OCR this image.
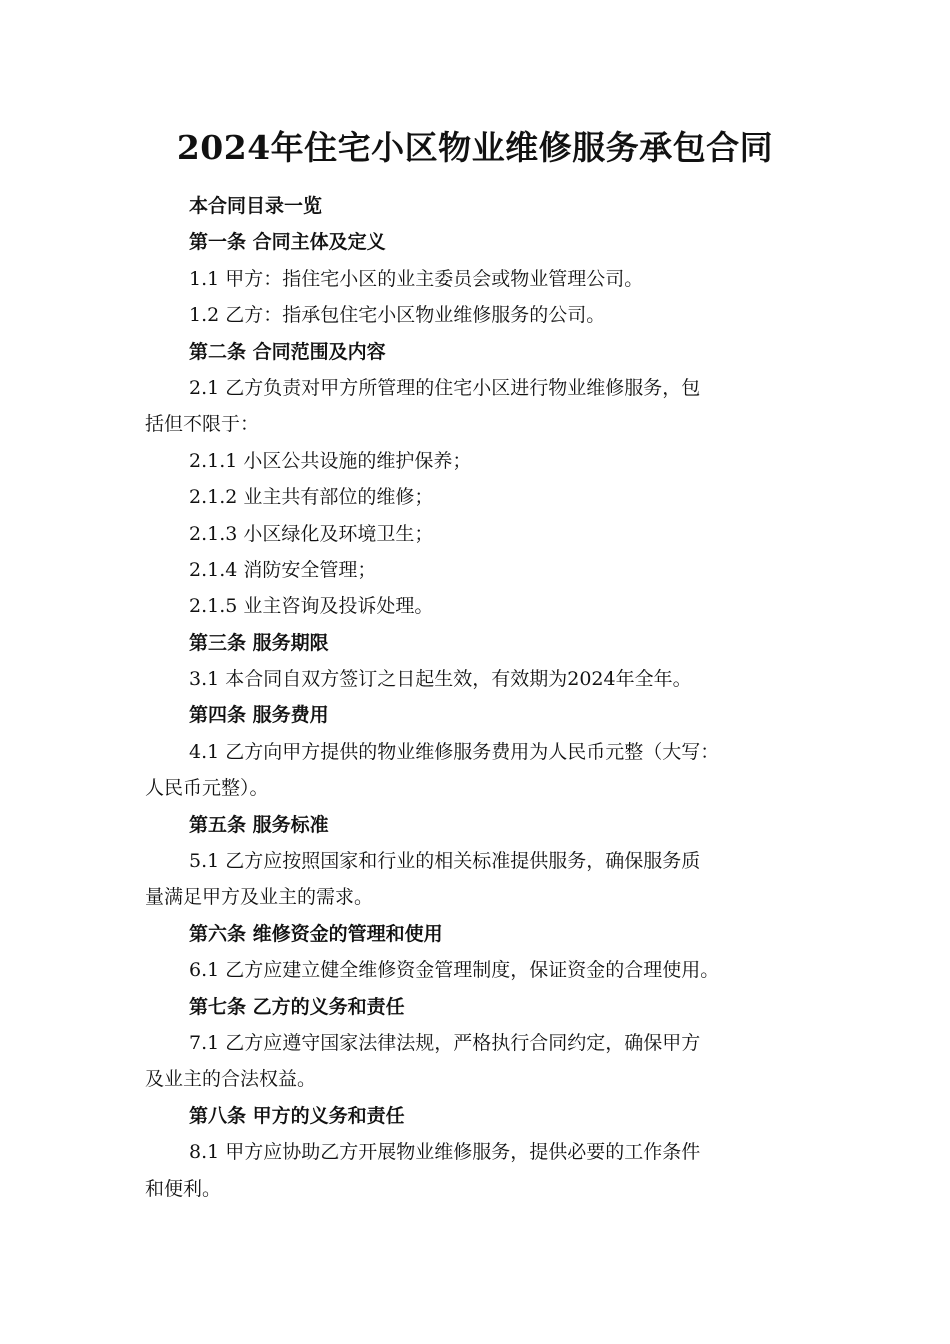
2024年住宅小区物业维修服务承包合同
本合同目录一览
第一条 合同主体及定义
1.1 甲方：指住宅小区的业主委员会或物业管理公司。
1.2 乙方：指承包住宅小区物业维修服务的公司。
第二条 合同范围及内容
2.1 乙方负责对甲方所管理的住宅小区进行物业维修服务，包
括但不限于：
2.1.1 小区公共设施的维护保养；
2.1.2 业主共有部位的维修；
2.1.3 小区绿化及环境卫生；
2.1.4 消防安全管理；
2.1.5 业主咨询及投诉处理。
第三条 服务期限
3.1 本合同自双方签订之日起生效，有效期为2024年全年。
第四条 服务费用
4.1 乙方向甲方提供的物业维修服务费用为人民币元整（大写：
人民币元整）。
第五条 服务标准
5.1 乙方应按照国家和行业的相关标准提供服务，确保服务质
量满足甲方及业主的需求。
第六条 维修资金的管理和使用
6.1 乙方应建立健全维修资金管理制度，保证资金的合理使用。
第七条 乙方的义务和责任
7.1 乙方应遵守国家法律法规，严格执行合同约定，确保甲方
及业主的合法权益。
第八条 甲方的义务和责任
8.1 甲方应协助乙方开展物业维修服务，提供必要的工作条件
和便利。
